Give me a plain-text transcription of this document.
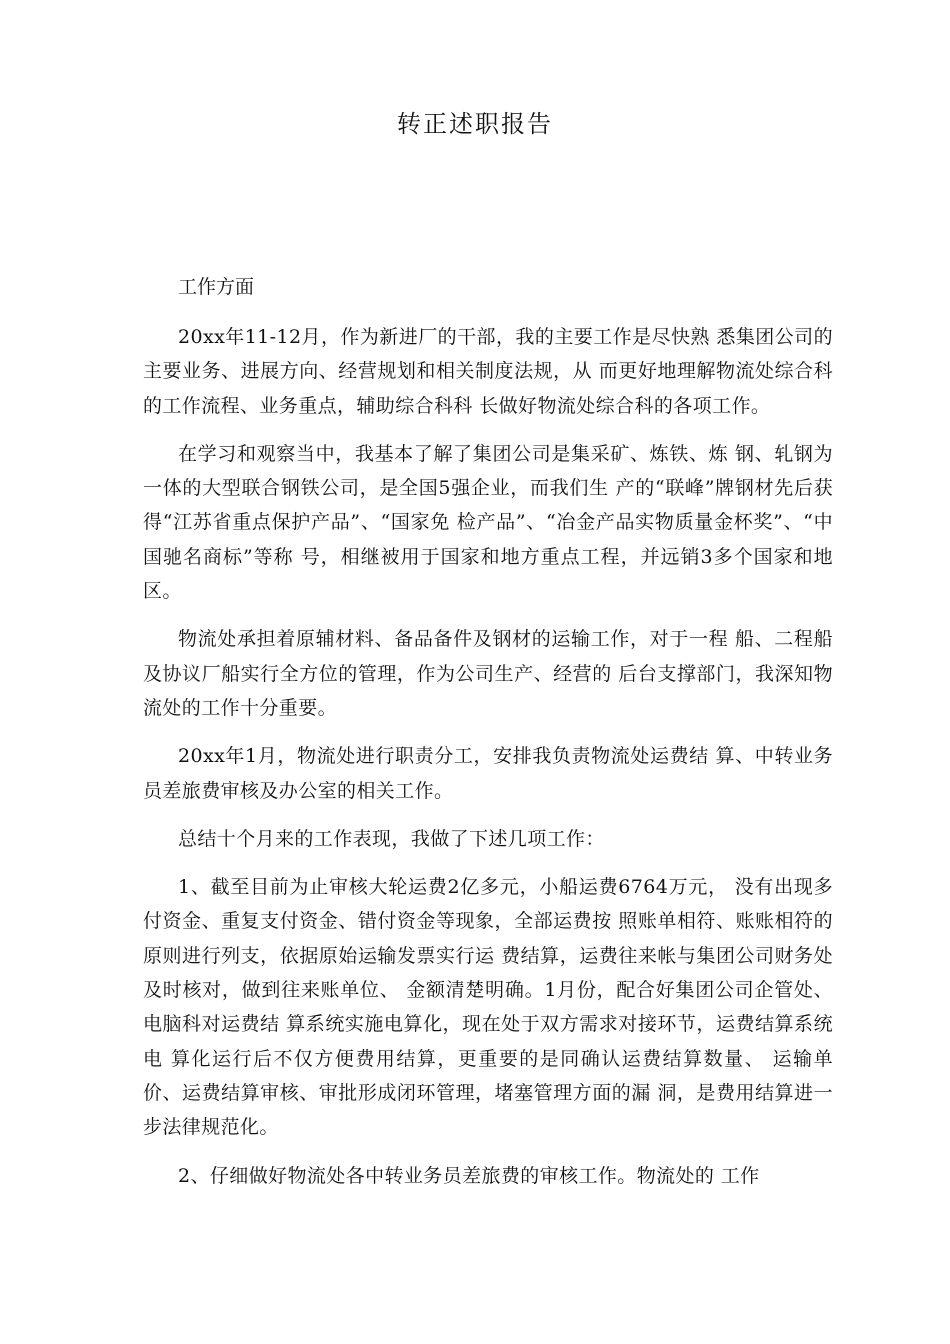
转正述职报告

工作方面

20xx年11-12月，作为新进厂的干部，我的主要工作是尽快熟 悉集团公司的主要业务、进展方向、经营规划和相关制度法规，从 而更好地理解物流处综合科的工作流程、业务重点，辅助综合科科 长做好物流处综合科的各项工作。

在学习和观察当中，我基本了解了集团公司是集采矿、炼铁、炼 钢、轧钢为一体的大型联合钢铁公司，是全国5强企业，而我们生 产的“联峰”牌钢材先后获得“江苏省重点保护产品”、“国家免 检产品”、“冶金产品实物质量金杯奖”、“中国驰名商标”等称 号，相继被用于国家和地方重点工程，并远销3多个国家和地区。

物流处承担着原辅材料、备品备件及钢材的运输工作，对于一程 船、二程船及协议厂船实行全方位的管理，作为公司生产、经营的 后台支撑部门，我深知物流处的工作十分重要。

20xx年1月，物流处进行职责分工，安排我负责物流处运费结 算、中转业务员差旅费审核及办公室的相关工作。

总结十个月来的工作表现，我做了下述几项工作：

1、截至目前为止审核大轮运费2亿多元，小船运费6764万元， 没有出现多付资金、重复支付资金、错付资金等现象，全部运费按 照账单相符、账账相符的原则进行列支，依据原始运输发票实行运 费结算，运费往来帐与集团公司财务处及时核对，做到往来账单位、 金额清楚明确。1月份，配合好集团公司企管处、电脑科对运费结 算系统实施电算化，现在处于双方需求对接环节，运费结算系统电 算化运行后不仅方便费用结算，更重要的是同确认运费结算数量、 运输单价、运费结算审核、审批形成闭环管理，堵塞管理方面的漏 洞，是费用结算进一步法律规范化。

2、仔细做好物流处各中转业务员差旅费的审核工作。物流处的 工作
